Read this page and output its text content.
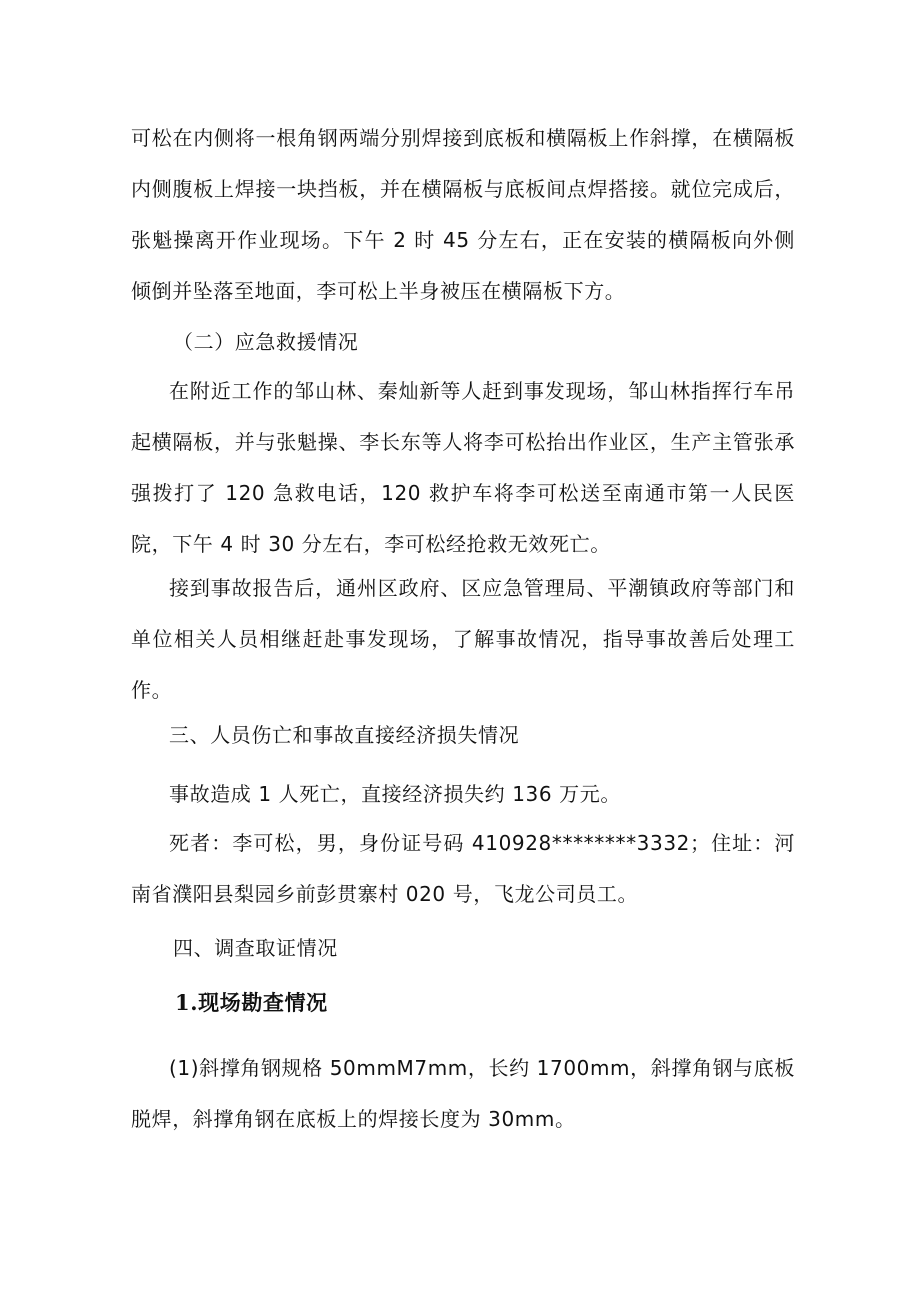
可松在内侧将一根角钢两端分别焊接到底板和横隔板上作斜撑，在横隔板内侧腹板上焊接一块挡板，并在横隔板与底板间点焊搭接。就位完成后，张魁操离开作业现场。下午 2 时 45 分左右，正在安装的横隔板向外侧倾倒并坠落至地面，李可松上半身被压在横隔板下方。

（二）应急救援情况

在附近工作的邹山林、秦灿新等人赶到事发现场，邹山林指挥行车吊起横隔板，并与张魁操、李长东等人将李可松抬出作业区，生产主管张承强拨打了 120 急救电话，120 救护车将李可松送至南通市第一人民医院，下午 4 时 30 分左右，李可松经抢救无效死亡。

接到事故报告后，通州区政府、区应急管理局、平潮镇政府等部门和单位相关人员相继赶赴事发现场，了解事故情况，指导事故善后处理工作。

三、人员伤亡和事故直接经济损失情况

事故造成 1 人死亡，直接经济损失约 136 万元。

死者：李可松，男，身份证号码 410928********3332；住址：河南省濮阳县梨园乡前彭贯寨村 020 号，飞龙公司员工。

四、调查取证情况

1.现场勘查情况

(1)斜撑角钢规格 50mmM7mm，长约 1700mm，斜撑角钢与底板脱焊，斜撑角钢在底板上的焊接长度为 30mm。
